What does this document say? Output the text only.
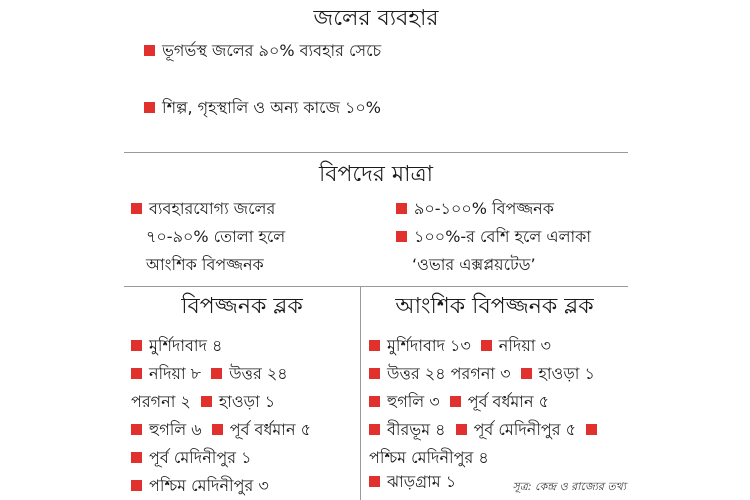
জলের ব্যবহার
ভূগর্ভস্থ জলের ৯০% ব্যবহার সেচে
শিল্প, গৃহস্থালি ও অন্য কাজে ১০%
বিপদের মাত্রা
ব্যবহারযোগ্য জলের
৭০-৯০% তোলা হলে
আংশিক বিপজ্জনক
৯০-১০০% বিপজ্জনক
১০০%-র বেশি হলে এলাকা
‘ওভার এক্সপ্লয়টেড’
বিপজ্জনক ব্লক
মুর্শিদাবাদ ৪
নদিয়া ৮ উত্তর ২৪
পরগনা ২ হাওড়া ১
হুগলি ৬ পূর্ব বর্ধমান ৫
পূর্ব মেদিনীপুর ১
পশ্চিম মেদিনীপুর ৩
আংশিক বিপজ্জনক ব্লক
মুর্শিদাবাদ ১৩ নদিয়া ৩
উত্তর ২৪ পরগনা ৩ হাওড়া ১
হুগলি ৩ পূর্ব বর্ধমান ৫
বীরভূম ৪ পূর্ব মেদিনীপুর ৫
পশ্চিম মেদিনীপুর ৪
ঝাড়গ্রাম ১	সূত্র: কেন্দ্র ও রাজ্যের তথ্য
